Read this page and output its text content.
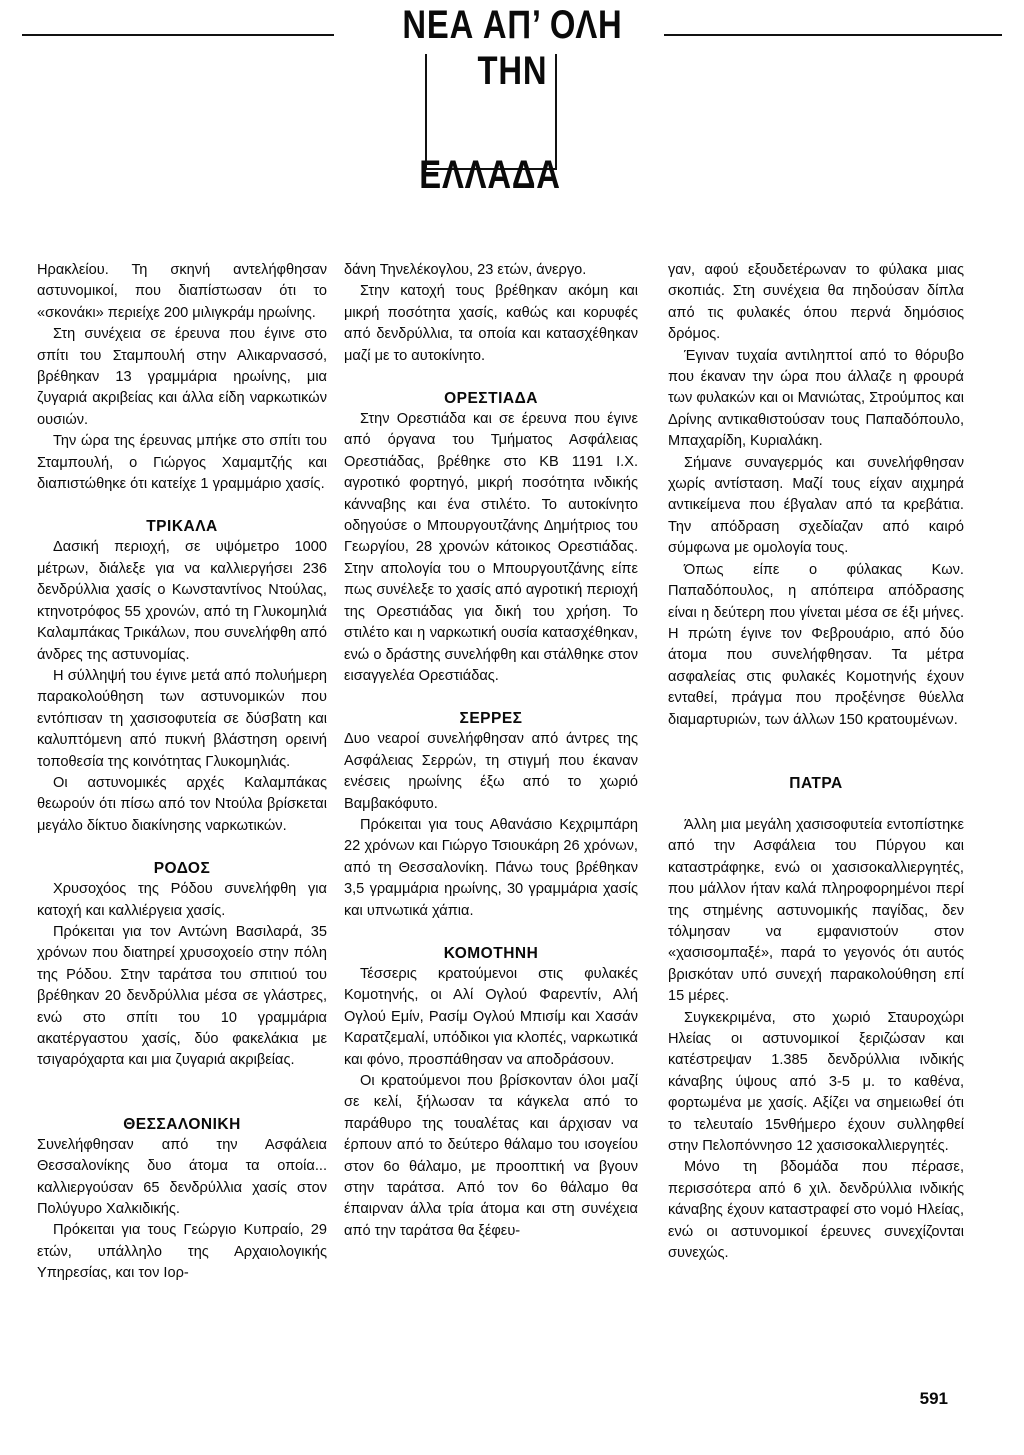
ΝΕΑ ΑΠ’ ΟΛΗ ΤΗΝ
ΕΛΛΑΔΑ

Ηρακλείου. Τη σκηνή αντελήφθησαν αστυνομικοί, που διαπίστωσαν ότι το «σκονάκι» περιείχε 200 μιλιγκράμ ηρωίνης.

Στη συνέχεια σε έρευνα που έγινε στο σπίτι του Σταμπουλή στην Αλικαρνασσό, βρέθηκαν 13 γραμμάρια ηρωίνης, μια ζυγαριά ακριβείας και άλλα είδη ναρκωτικών ουσιών.

Την ώρα της έρευνας μπήκε στο σπίτι του Σταμπουλή, ο Γιώργος Χαμαμτζής και διαπιστώθηκε ότι κατείχε 1 γραμμάριο χασίς.

ΤΡΙΚΑΛΑ

Δασική περιοχή, σε υψόμετρο 1000 μέτρων, διάλεξε για να καλλιεργήσει 236 δενδρύλλια χασίς ο Κωνσταντίνος Ντούλας, κτηνοτρόφος 55 χρονών, από τη Γλυκομηλιά Καλαμπάκας Τρικάλων, που συνελήφθη από άνδρες της αστυνομίας.

Η σύλληψή του έγινε μετά από πολυήμερη παρακολούθηση των αστυνομικών που εντόπισαν τη χασισοφυτεία σε δύσβατη και καλυπτόμενη από πυκνή βλάστηση ορεινή τοποθεσία της κοινότητας Γλυκομηλιάς.

Οι αστυνομικές αρχές Καλαμπάκας θεωρούν ότι πίσω από τον Ντούλα βρίσκεται μεγάλο δίκτυο διακίνησης ναρκωτικών.

ΡΟΔΟΣ

Χρυσοχόος της Ρόδου συνελήφθη για κατοχή και καλλιέργεια χασίς.

Πρόκειται για τον Αντώνη Βασιλαρά, 35 χρόνων που διατηρεί χρυσοχοείο στην πόλη της Ρόδου. Στην ταράτσα του σπιτιού του βρέθηκαν 20 δενδρύλλια μέσα σε γλάστρες, ενώ στο σπίτι του 10 γραμμάρια ακατέργαστου χασίς, δύο φακελάκια με τσιγαρόχαρτα και μια ζυγαριά ακριβείας.

ΘΕΣΣΑΛΟΝΙΚΗ

Συνελήφθησαν από την Ασφάλεια Θεσσαλονίκης δυο άτομα τα οποία... καλλιεργούσαν 65 δενδρύλλια χασίς στον Πολύγυρο Χαλκιδικής.

Πρόκειται για τους Γεώργιο Κυπραίο, 29 ετών, υπάλληλο της Αρχαιολογικής Υπηρεσίας, και τον Ιορ-

δάνη Τηνελέκογλου, 23 ετών, άνεργο.

Στην κατοχή τους βρέθηκαν ακόμη και μικρή ποσότητα χασίς, καθώς και κορυφές από δενδρύλλια, τα οποία και κατασχέθηκαν μαζί με το αυτοκίνητο.

ΟΡΕΣΤΙΑΔΑ

Στην Ορεστιάδα και σε έρευνα που έγινε από όργανα του Τμήματος Ασφάλειας Ορεστιάδας, βρέθηκε στο ΚΒ 1191 Ι.Χ. αγροτικό φορτηγό, μικρή ποσότητα ινδικής κάνναβης και ένα στιλέτο. Το αυτοκίνητο οδηγούσε ο Μπουργουτζάνης Δημήτριος του Γεωργίου, 28 χρονών κάτοικος Ορεστιάδας. Στην απολογία του ο Μπουργουτζάνης είπε πως συνέλεξε το χασίς από αγροτική περιοχή της Ορεστιάδας για δική του χρήση. Το στιλέτο και η ναρκωτική ουσία κατασχέθηκαν, ενώ ο δράστης συνελήφθη και στάλθηκε στον εισαγγελέα Ορεστιάδας.

ΣΕΡΡΕΣ

Δυο νεαροί συνελήφθησαν από άντρες της Ασφάλειας Σερρών, τη στιγμή που έκαναν ενέσεις ηρωίνης έξω από το χωριό Βαμβακόφυτο.

Πρόκειται για τους Αθανάσιο Κεχριμπάρη 22 χρόνων και Γιώργο Τσιουκάρη 26 χρόνων, από τη Θεσσαλονίκη. Πάνω τους βρέθηκαν 3,5 γραμμάρια ηρωίνης, 30 γραμμάρια χασίς και υπνωτικά χάπια.

ΚΟΜΟΤΗΝΗ

Τέσσερις κρατούμενοι στις φυλακές Κομοτηνής, οι Αλί Ογλού Φαρεντίν, Αλή Ογλού Εμίν, Ρασίμ Ογλού Μπισίμ και Χασάν Καρατζεμαλί, υπόδικοι για κλοπές, ναρκωτικά και φόνο, προσπάθησαν να αποδράσουν.

Οι κρατούμενοι που βρίσκονταν όλοι μαζί σε κελί, ξήλωσαν τα κάγκελα από το παράθυρο της τουαλέτας και άρχισαν να έρπουν από το δεύτερο θάλαμο του ισογείου στον 6ο θάλαμο, με προοπτική να βγουν στην ταράτσα. Από τον 6ο θάλαμο θα έπαιρναν άλλα τρία άτομα και στη συνέχεια από την ταράτσα θα ξέφευ-

γαν, αφού εξουδετέρωναν το φύλακα μιας σκοπιάς. Στη συνέχεια θα πηδούσαν δίπλα από τις φυλακές όπου περνά δημόσιος δρόμος.

Έγιναν τυχαία αντιληπτοί από το θόρυβο που έκαναν την ώρα που άλλαζε η φρουρά των φυλακών και οι Μανιώτας, Στρούμπος και Δρίνης αντικαθιστούσαν τους Παπαδόπουλο, Μπαχαρίδη, Κυριαλάκη.

Σήμανε συναγερμός και συνελήφθησαν χωρίς αντίσταση. Μαζί τους είχαν αιχμηρά αντικείμενα που έβγαλαν από τα κρεβάτια. Την απόδραση σχεδίαζαν από καιρό σύμφωνα με ομολογία τους.

Όπως είπε ο φύλακας Κων. Παπαδόπουλος, η απόπειρα απόδρασης είναι η δεύτερη που γίνεται μέσα σε έξι μήνες. Η πρώτη έγινε τον Φεβρουάριο, από δύο άτομα που συνελήφθησαν. Τα μέτρα ασφαλείας στις φυλακές Κομοτηνής έχουν ενταθεί, πράγμα που προξένησε θύελλα διαμαρτυριών, των άλλων 150 κρατουμένων.

ΠΑΤΡΑ

Άλλη μια μεγάλη χασισοφυτεία εντοπίστηκε από την Ασφάλεια του Πύργου και καταστράφηκε, ενώ οι χασισοκαλλιεργητές, που μάλλον ήταν καλά πληροφορημένοι περί της στημένης αστυνομικής παγίδας, δεν τόλμησαν να εμφανιστούν στον «χασισομπαξέ», παρά το γεγονός ότι αυτός βρισκόταν υπό συνεχή παρακολούθηση επί 15 μέρες.

Συγκεκριμένα, στο χωριό Σταυροχώρι Ηλείας οι αστυνομικοί ξεριζώσαν και κατέστρεψαν 1.385 δενδρύλλια ινδικής κάναβης ύψους από 3-5 μ. το καθένα, φορτωμένα με χασίς. Αξίζει να σημειωθεί ότι το τελευταίο 15νθήμερο έχουν συλληφθεί στην Πελοπόννησο 12 χασισοκαλλιεργητές.

Μόνο τη βδομάδα που πέρασε, περισσότερα από 6 χιλ. δενδρύλλια ινδικής κάναβης έχουν καταστραφεί στο νομό Ηλείας, ενώ οι αστυνομικοί έρευνες συνεχίζονται συνεχώς.

591
